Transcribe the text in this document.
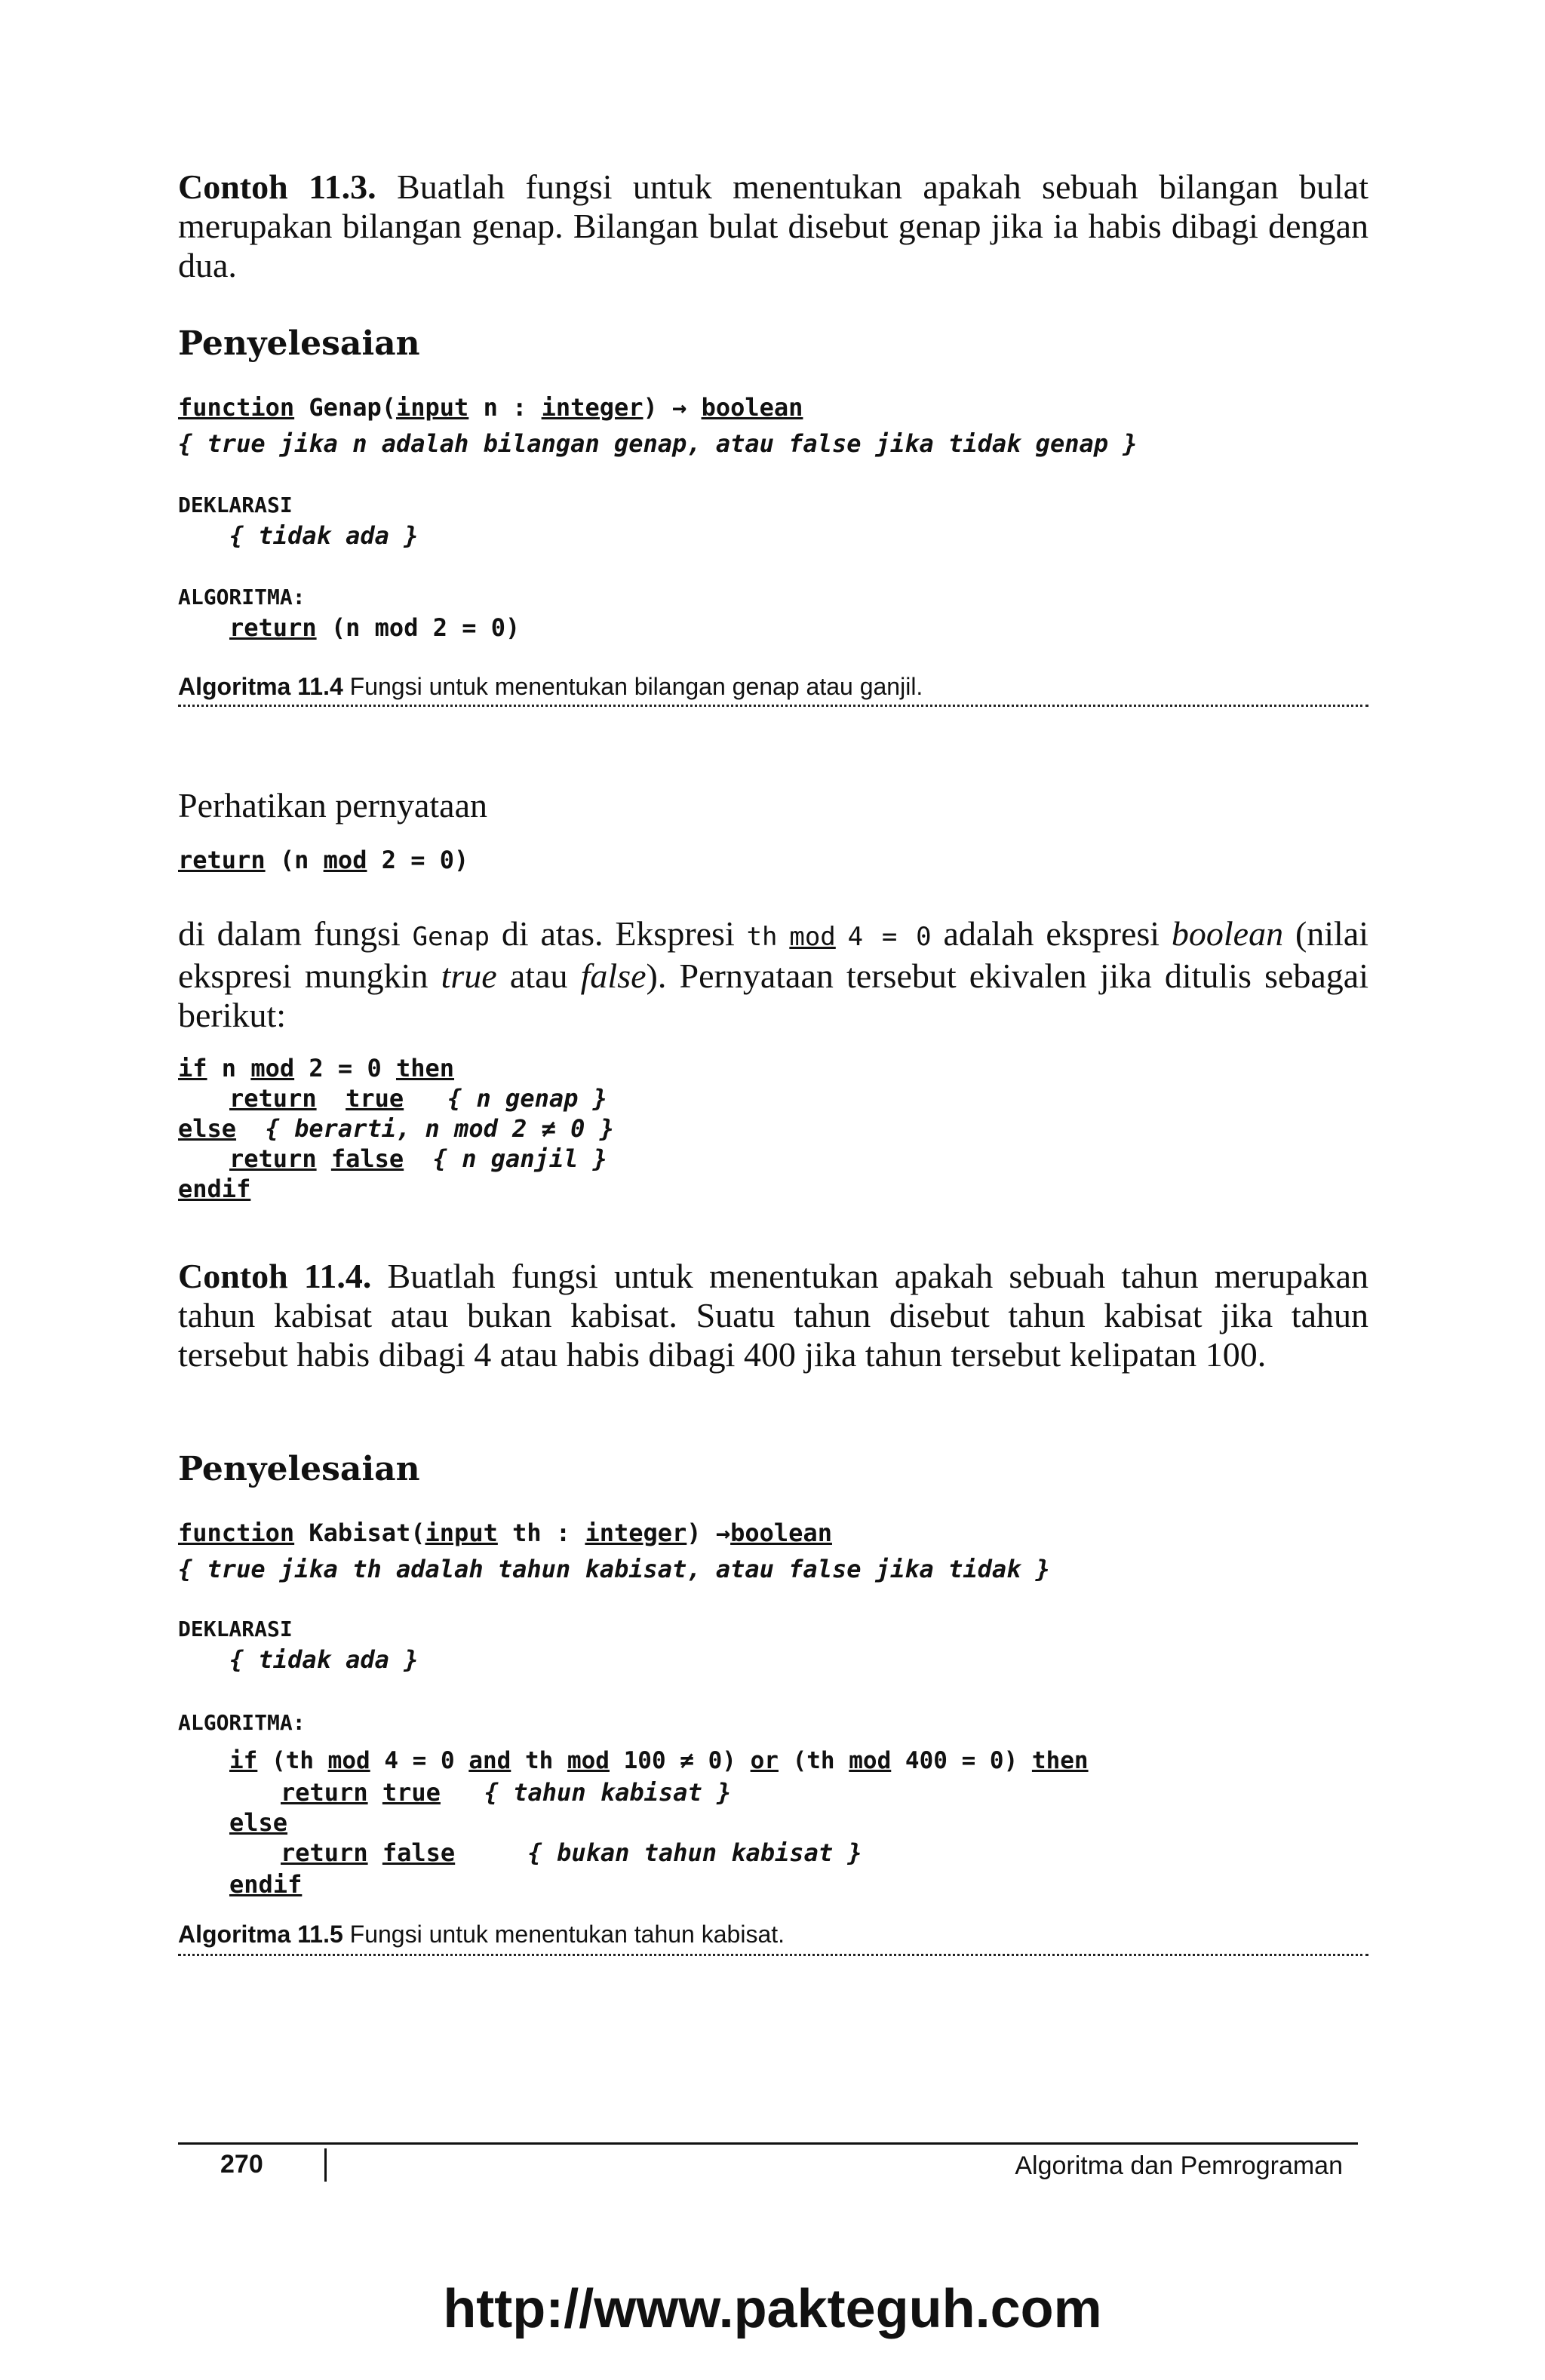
Contoh 11.3. Buatlah fungsi untuk menentukan apakah sebuah bilangan bulat merupakan bilangan genap. Bilangan bulat disebut genap jika ia habis dibagi dengan dua.
Penyelesaian
function Genap(input n : integer) → boolean
{ true jika n adalah bilangan genap, atau false jika tidak genap }
DEKLARASI
{ tidak ada }
ALGORITMA:
return (n mod 2 = 0)
Algoritma 11.4 Fungsi untuk menentukan bilangan genap atau ganjil.
Perhatikan pernyataan
return (n mod 2 = 0)
di dalam fungsi Genap di atas. Ekspresi th mod 4 = 0 adalah ekspresi boolean (nilai ekspresi mungkin true atau false). Pernyataan tersebut ekivalen jika ditulis sebagai berikut:
if n mod 2 = 0 then
return true { n genap }
else { berarti, n mod 2 ≠ 0 }
return false { n ganjil }
endif
Contoh 11.4. Buatlah fungsi untuk menentukan apakah sebuah tahun merupakan tahun kabisat atau bukan kabisat. Suatu tahun disebut tahun kabisat jika tahun tersebut habis dibagi 4 atau habis dibagi 400 jika tahun tersebut kelipatan 100.
Penyelesaian
function Kabisat(input th : integer) →boolean
{ true jika th adalah tahun kabisat, atau false jika tidak }
DEKLARASI
{ tidak ada }
ALGORITMA:
if (th mod 4 = 0 and th mod 100 ≠ 0) or (th mod 400 = 0) then
return true { tahun kabisat }
else
return false	{ bukan tahun kabisat }
endif
Algoritma 11.5 Fungsi untuk menentukan tahun kabisat.
270	Algoritma dan Pemrograman
http://www.pakteguh.com
